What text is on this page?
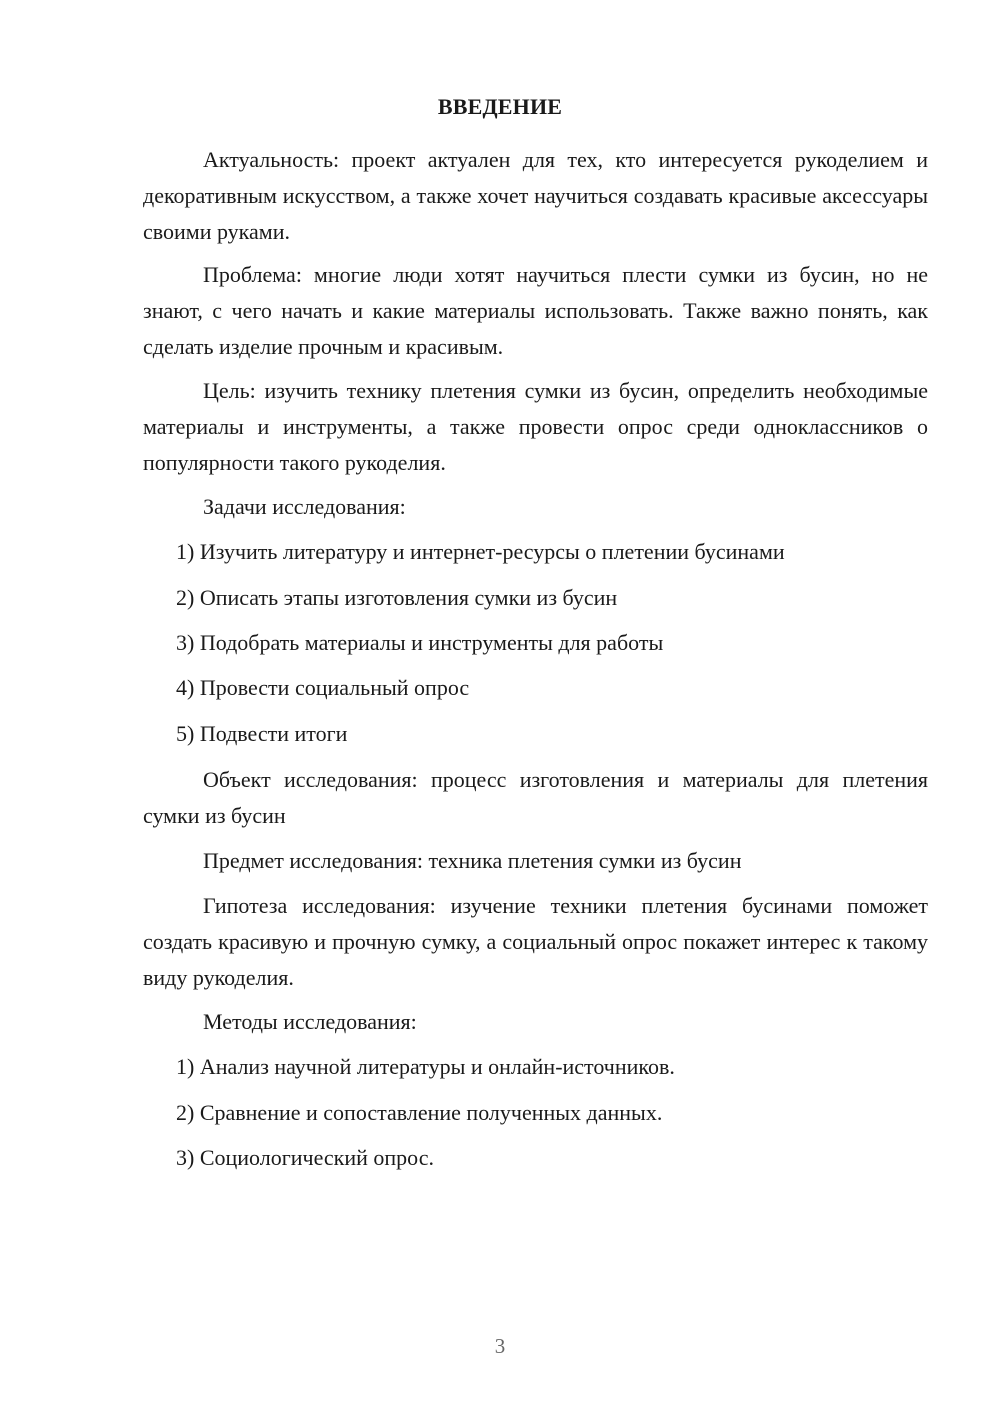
ВВЕДЕНИЕ

Актуальность: проект актуален для тех, кто интересуется рукоделием и декоративным искусством, а также хочет научиться создавать красивые аксессуары своими руками.

Проблема: многие люди хотят научиться плести сумки из бусин, но не знают, с чего начать и какие материалы использовать. Также важно понять, как сделать изделие прочным и красивым.

Цель: изучить технику плетения сумки из бусин, определить необходимые материалы и инструменты, а также провести опрос среди одноклассников о популярности такого рукоделия.

Задачи исследования:

1) Изучить литературу и интернет-ресурсы о плетении бусинами

2) Описать этапы изготовления сумки из бусин

3) Подобрать материалы и инструменты для работы

4) Провести социальный опрос

5) Подвести итоги

Объект исследования: процесс изготовления и материалы для плетения сумки из бусин

Предмет исследования: техника плетения сумки из бусин

Гипотеза исследования: изучение техники плетения бусинами поможет создать красивую и прочную сумку, а социальный опрос покажет интерес к такому виду рукоделия.

Методы исследования:

1) Анализ научной литературы и онлайн-источников.

2) Сравнение и сопоставление полученных данных.

3) Социологический опрос.

3
